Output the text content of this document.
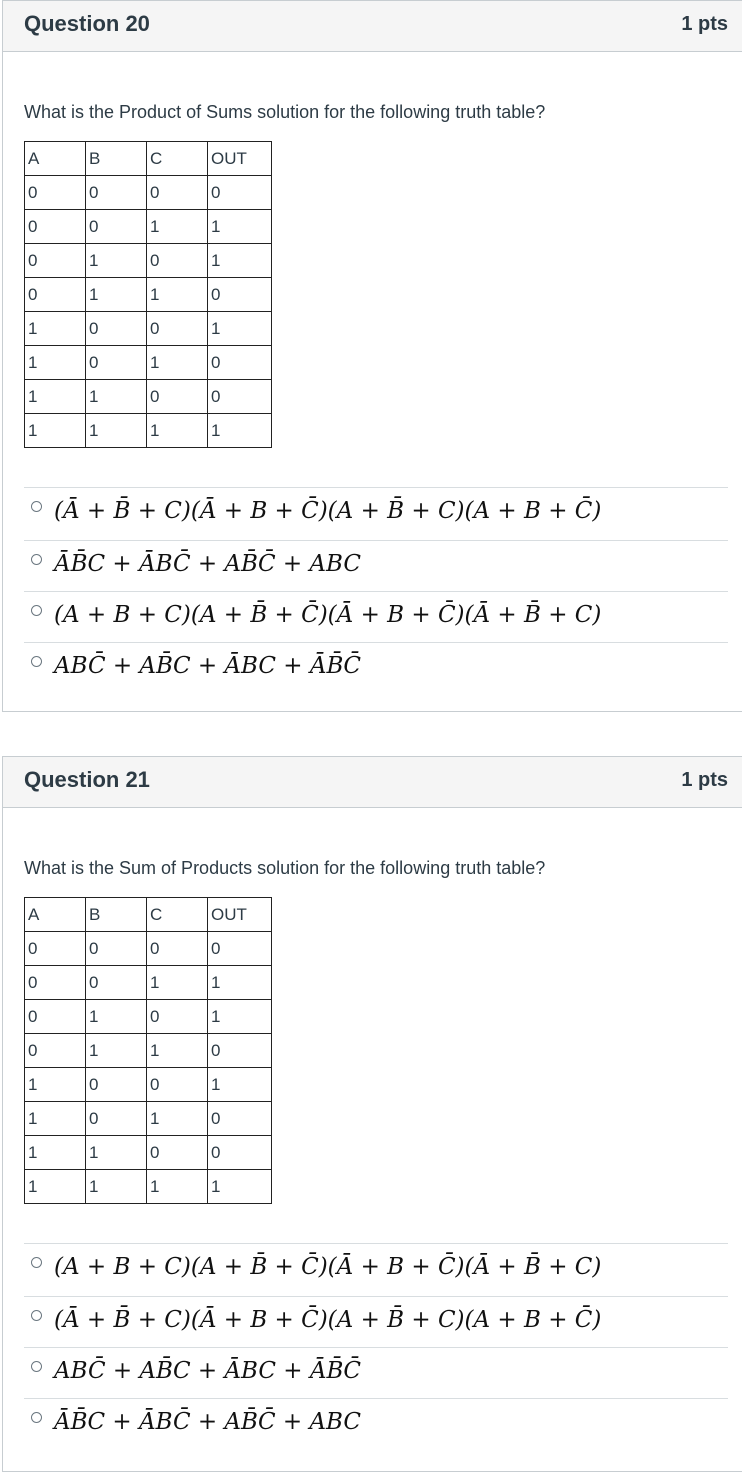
Question 20	1 pts
What is the Product of Sums solution for the following truth table?
A	B	C	OUT
0	0	0	0
0	0	1	1
0	1	0	1
0	1	1	0
1	0	0	1
1	0	1	0
1	1	0	0
1	1	1	1
(Ā + B̄ + C)(Ā + B + C̄)(A + B̄ + C)(A + B + C̄)
ĀB̄C + ĀBC̄ + AB̄C̄ + ABC
(A + B + C)(A + B̄ + C̄)(Ā + B + C̄)(Ā + B̄ + C)
ABC̄ + AB̄C + ĀBC + ĀB̄C̄
Question 21	1 pts
What is the Sum of Products solution for the following truth table?
A	B	C	OUT
0	0	0	0
0	0	1	1
0	1	0	1
0	1	1	0
1	0	0	1
1	0	1	0
1	1	0	0
1	1	1	1
(A + B + C)(A + B̄ + C̄)(Ā + B + C̄)(Ā + B̄ + C)
(Ā + B̄ + C)(Ā + B + C̄)(A + B̄ + C)(A + B + C̄)
ABC̄ + AB̄C + ĀBC + ĀB̄C̄
ĀB̄C + ĀBC̄ + AB̄C̄ + ABC
